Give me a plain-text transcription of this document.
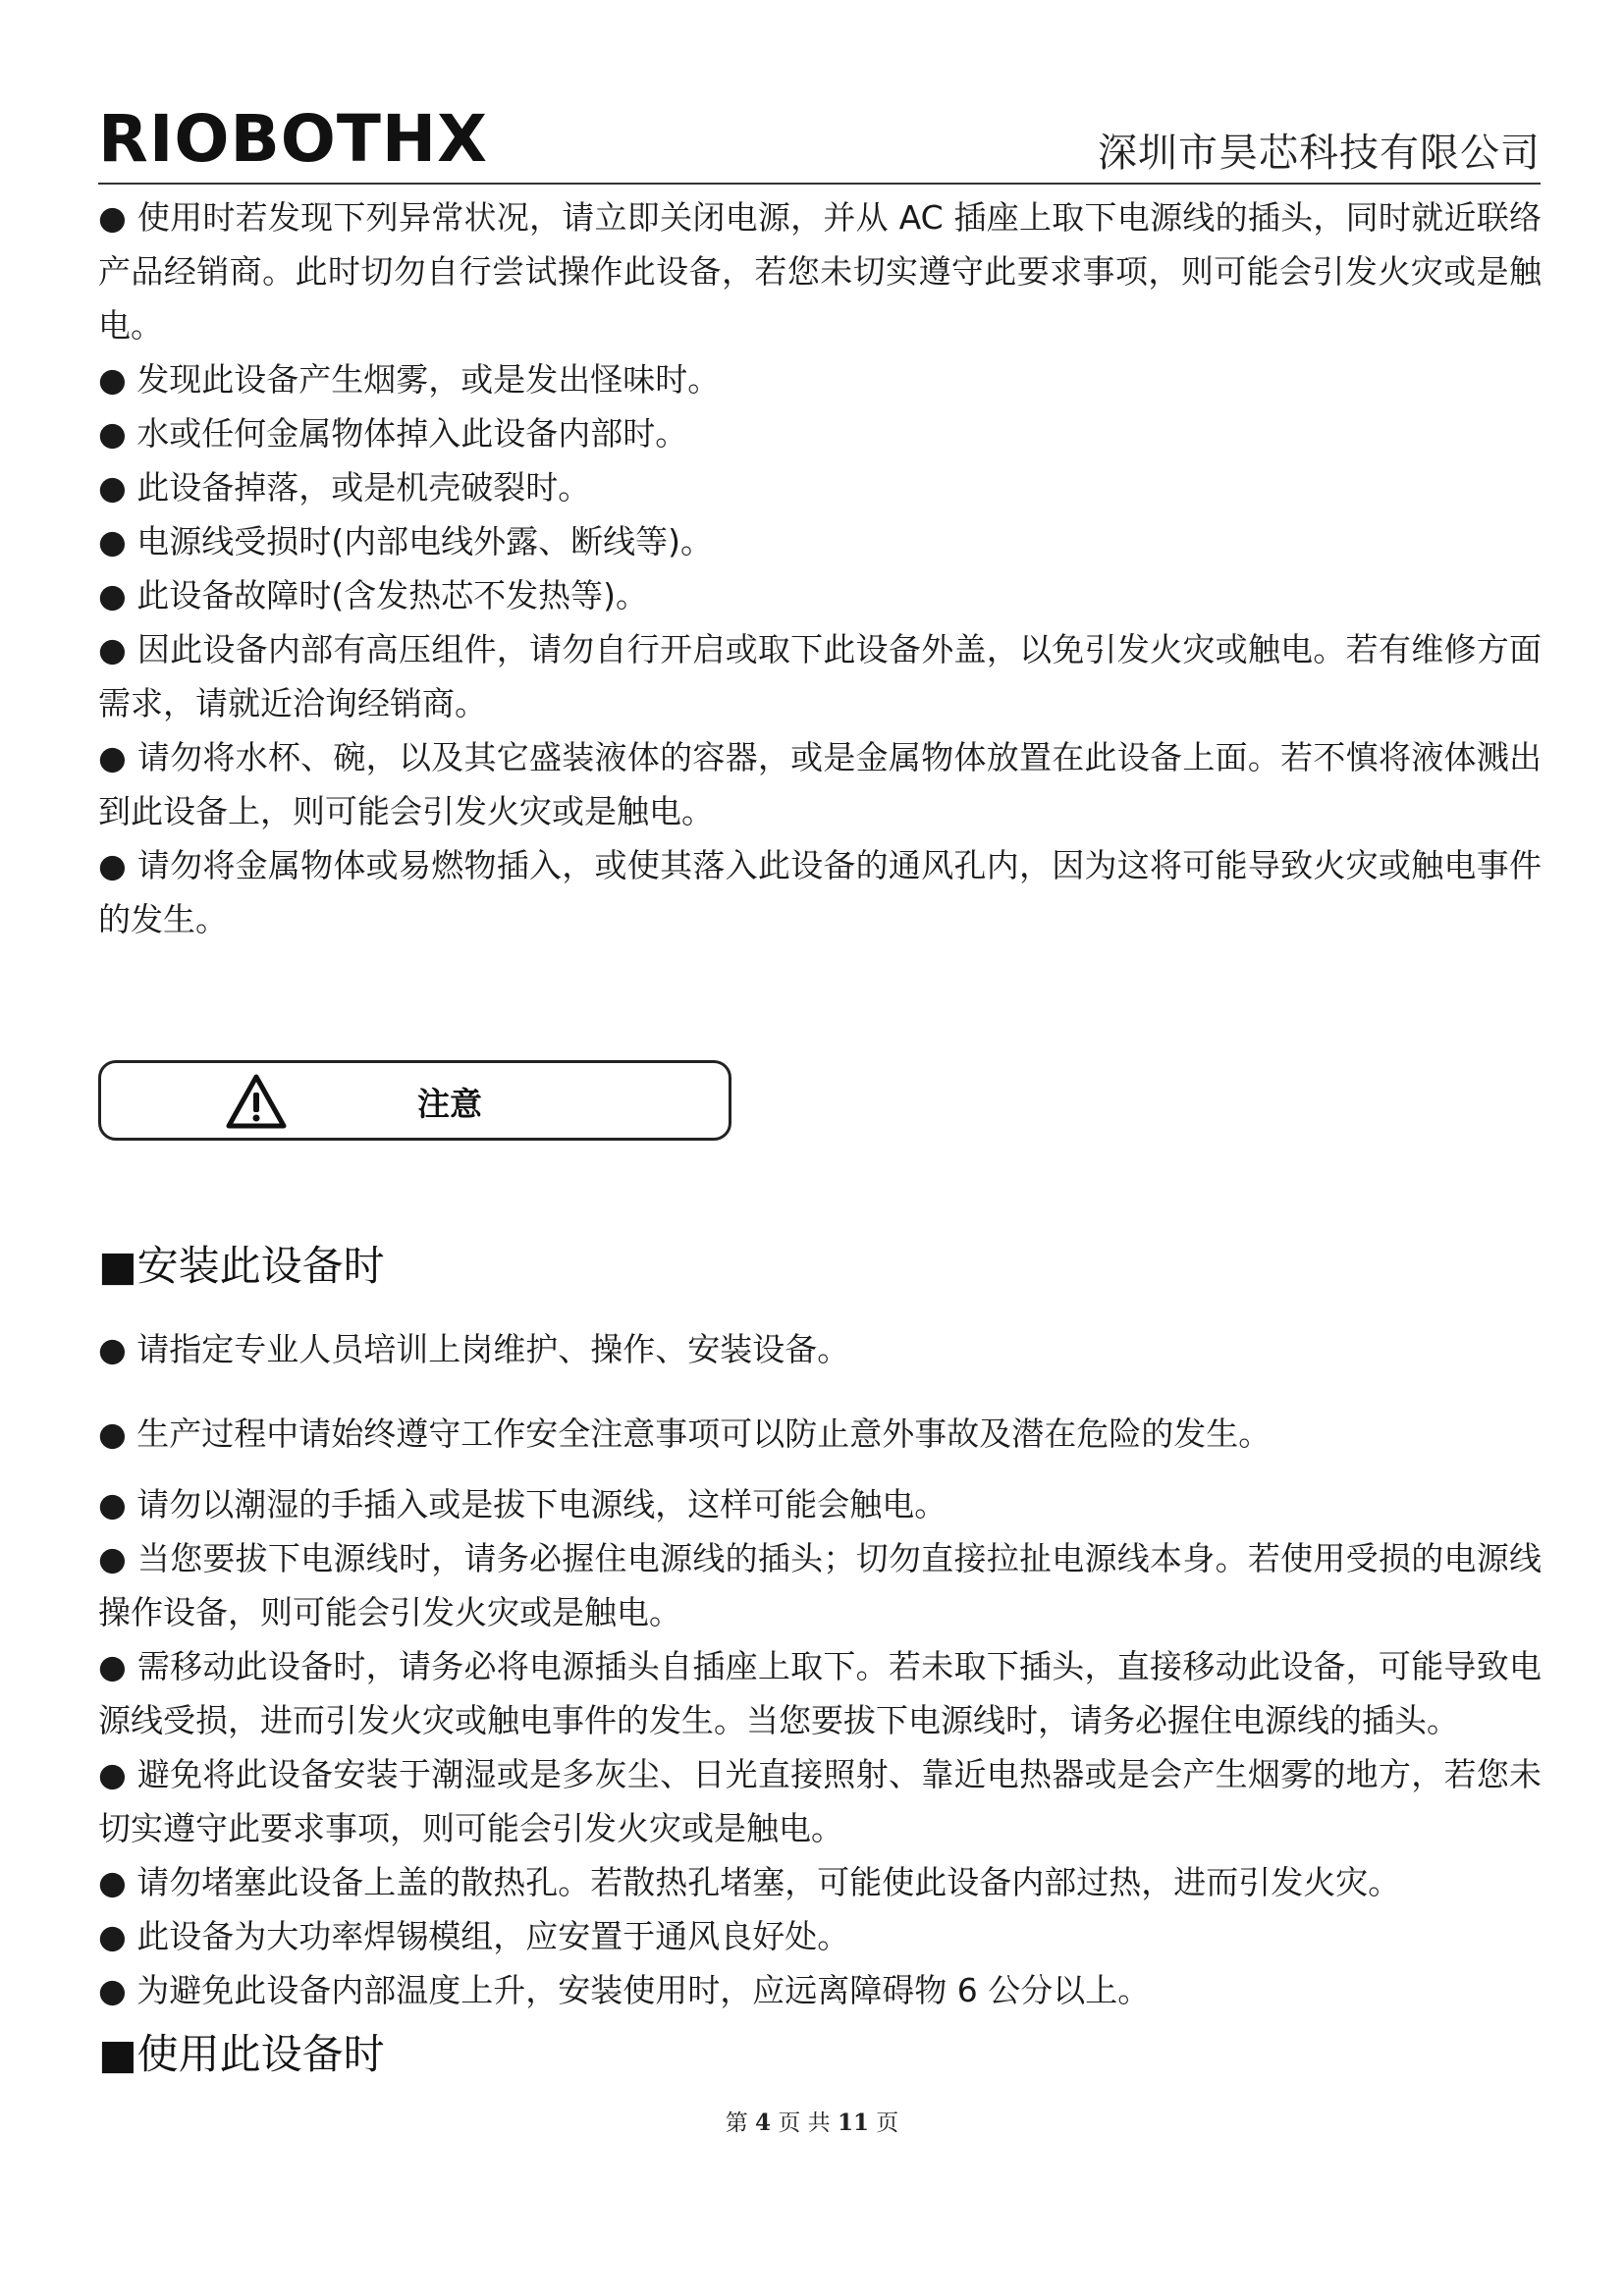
RIOBOTHX	深圳市昊芯科技有限公司

● 使用时若发现下列异常状况，请立即关闭电源，并从 AC 插座上取下电源线的插头，同时就近联络产品经销商。此时切勿自行尝试操作此设备，若您未切实遵守此要求事项，则可能会引发火灾或是触电。

● 发现此设备产生烟雾，或是发出怪味时。

● 水或任何金属物体掉入此设备内部时。

● 此设备掉落，或是机壳破裂时。

● 电源线受损时(内部电线外露、断线等)。

● 此设备故障时(含发热芯不发热等)。

● 因此设备内部有高压组件，请勿自行开启或取下此设备外盖，以免引发火灾或触电。若有维修方面需求，请就近洽询经销商。

● 请勿将水杯、碗，以及其它盛装液体的容器，或是金属物体放置在此设备上面。若不慎将液体溅出到此设备上，则可能会引发火灾或是触电。

● 请勿将金属物体或易燃物插入，或使其落入此设备的通风孔内，因为这将可能导致火灾或触电事件的发生。

注意
■安装此设备时

● 请指定专业人员培训上岗维护、操作、安装设备。

● 生产过程中请始终遵守工作安全注意事项可以防止意外事故及潜在危险的发生。

● 请勿以潮湿的手插入或是拔下电源线，这样可能会触电。

● 当您要拔下电源线时，请务必握住电源线的插头；切勿直接拉扯电源线本身。若使用受损的电源线操作设备，则可能会引发火灾或是触电。

● 需移动此设备时，请务必将电源插头自插座上取下。若未取下插头，直接移动此设备，可能导致电源线受损，进而引发火灾或触电事件的发生。当您要拔下电源线时，请务必握住电源线的插头。

● 避免将此设备安装于潮湿或是多灰尘、日光直接照射、靠近电热器或是会产生烟雾的地方，若您未切实遵守此要求事项，则可能会引发火灾或是触电。

● 请勿堵塞此设备上盖的散热孔。若散热孔堵塞，可能使此设备内部过热，进而引发火灾。

● 此设备为大功率焊锡模组，应安置于通风良好处。

● 为避免此设备内部温度上升，安装使用时，应远离障碍物 6 公分以上。

■使用此设备时
第 4 页 共 11 页
